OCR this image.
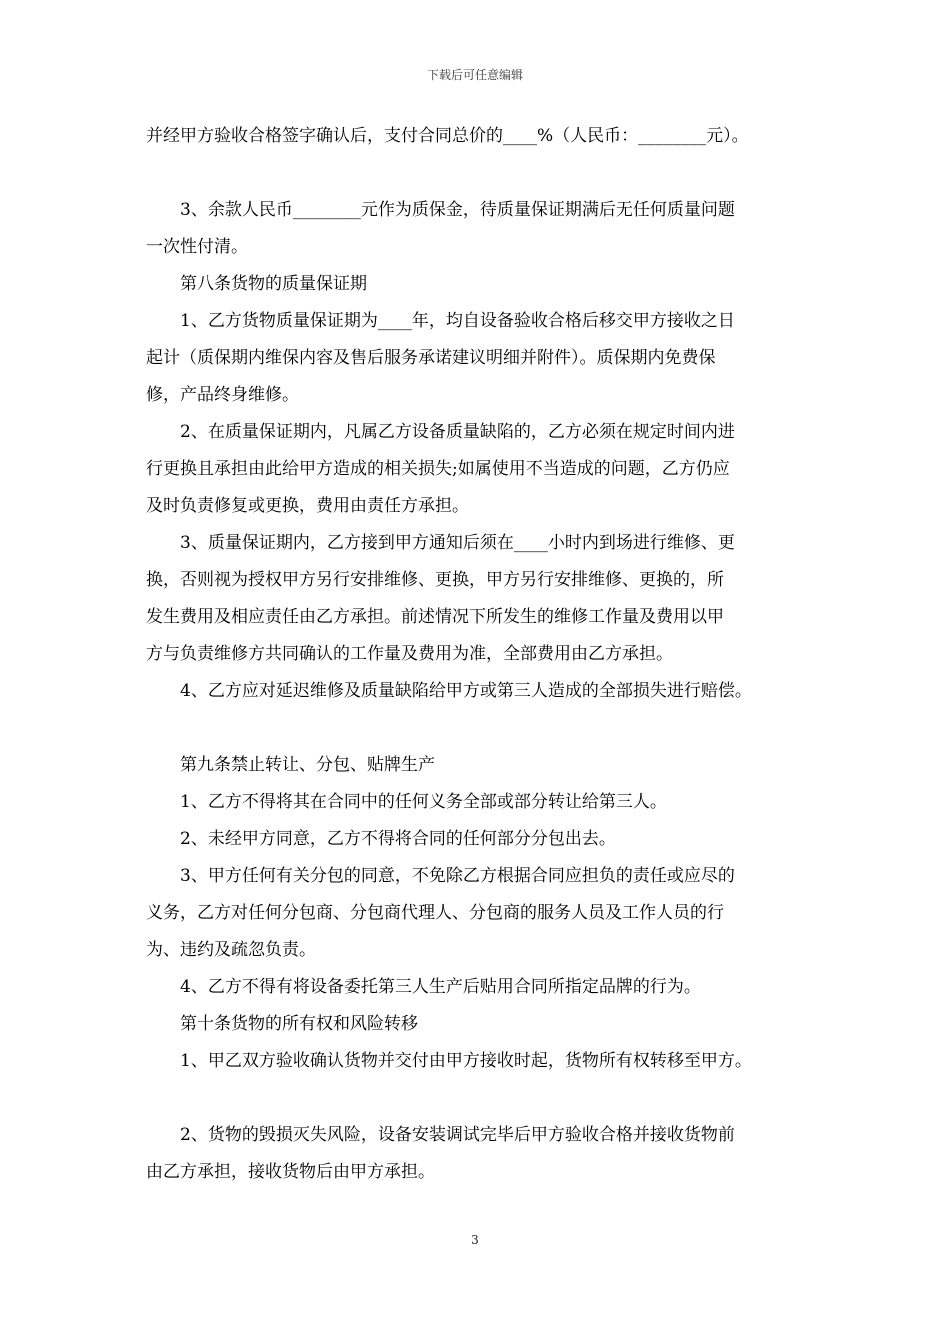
下载后可任意编辑
并经甲方验收合格签字确认后，支付合同总价的____%（人民币：________元）。
3、余款人民币________元作为质保金，待质量保证期满后无任何质量问题
一次性付清。
第八条货物的质量保证期
1、乙方货物质量保证期为____年，均自设备验收合格后移交甲方接收之日
起计（质保期内维保内容及售后服务承诺建议明细并附件）。质保期内免费保
修，产品终身维修。
2、在质量保证期内，凡属乙方设备质量缺陷的，乙方必须在规定时间内进
行更换且承担由此给甲方造成的相关损失;如属使用不当造成的问题，乙方仍应
及时负责修复或更换，费用由责任方承担。
3、质量保证期内，乙方接到甲方通知后须在____小时内到场进行维修、更
换，否则视为授权甲方另行安排维修、更换，甲方另行安排维修、更换的，所
发生费用及相应责任由乙方承担。前述情况下所发生的维修工作量及费用以甲
方与负责维修方共同确认的工作量及费用为准，全部费用由乙方承担。
4、乙方应对延迟维修及质量缺陷给甲方或第三人造成的全部损失进行赔偿。
第九条禁止转让、分包、贴牌生产
1、乙方不得将其在合同中的任何义务全部或部分转让给第三人。
2、未经甲方同意，乙方不得将合同的任何部分分包出去。
3、甲方任何有关分包的同意，不免除乙方根据合同应担负的责任或应尽的
义务，乙方对任何分包商、分包商代理人、分包商的服务人员及工作人员的行
为、违约及疏忽负责。
4、乙方不得有将设备委托第三人生产后贴用合同所指定品牌的行为。
第十条货物的所有权和风险转移
1、甲乙双方验收确认货物并交付由甲方接收时起，货物所有权转移至甲方。
2、货物的毁损灭失风险，设备安装调试完毕后甲方验收合格并接收货物前
由乙方承担，接收货物后由甲方承担。
3
